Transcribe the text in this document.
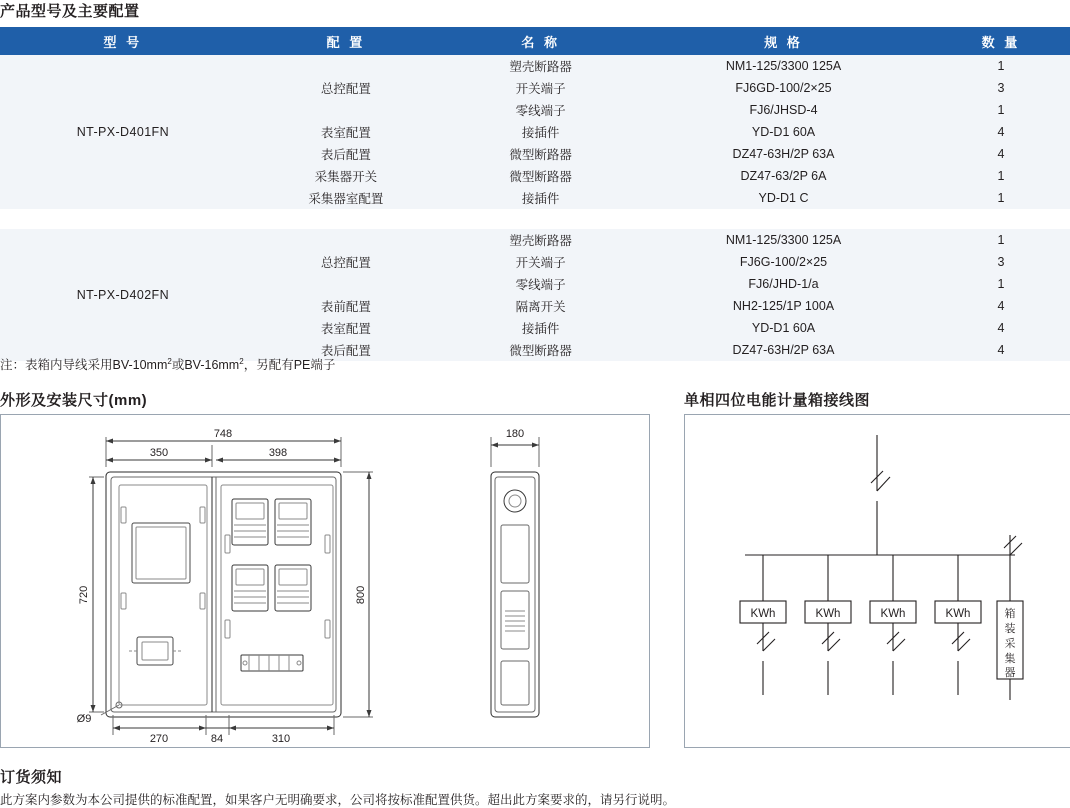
产品型号及主要配置
型 号	配 置	名 称	规 格	数 量
NT-PX-D401FN	总控配置	塑壳断路器	NM1-125/3300 125A	1
		开关端子	FJ6GD-100/2×25	3
		零线端子	FJ6/JHSD-4	1
	表室配置	接插件	YD-D1 60A	4
	表后配置	微型断路器	DZ47-63H/2P 63A	4
	采集器开关	微型断路器	DZ47-63/2P 6A	1
	采集器室配置	接插件	YD-D1 C	1

NT-PX-D402FN	总控配置	塑壳断路器	NM1-125/3300 125A	1
		开关端子	FJ6G-100/2×25	3
		零线端子	FJ6/JHD-1/a	1
	表前配置	隔离开关	NH2-125/1P 100A	4
	表室配置	接插件	YD-D1 60A	4
	表后配置	微型断路器	DZ47-63H/2P 63A	4
注：表箱内导线采用$BV-10mm^2$或$BV-16mm^2$，另配有PE端子
外形及安装尺寸(mm)	单相四位电能计量箱接线图
748
350	398
180
720	800
270	84	310
Ø9
KWh	KWh	KWh	KWh	箱
装
采
集
器
订货须知
此方案内参数为本公司提供的标准配置，如果客户无明确要求，公司将按标准配置供货。超出此方案要求的，请另行说明。
